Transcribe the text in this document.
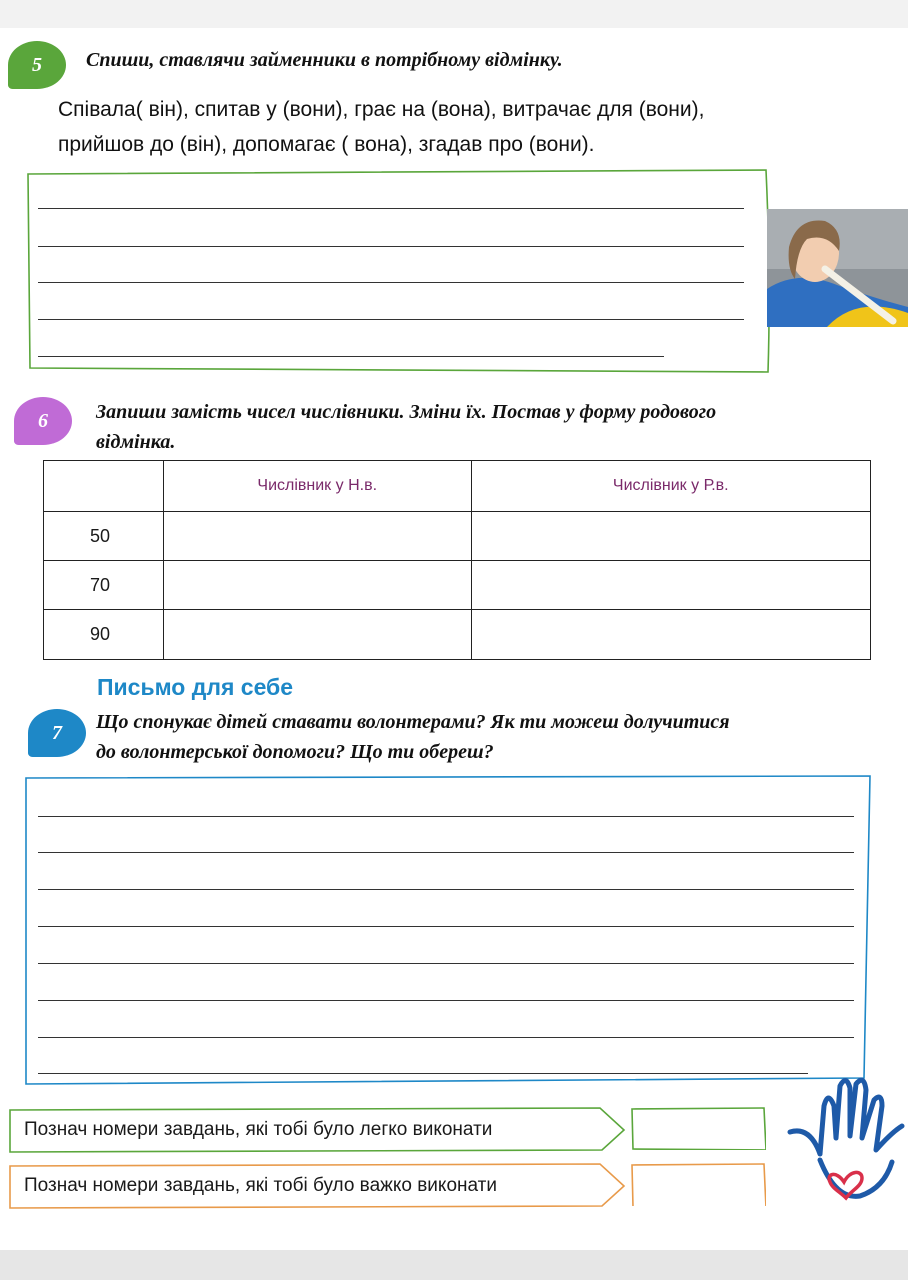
5	Спиши, ставлячи займенники в потрібному відмінку.
Співала( він), спитав у (вони), грає на (вона), витрачає для (вони),
прийшов до (він), допомагає ( вона), згадав про (вони).
6	Запиши замість чисел числівники. Зміни їх. Постав у форму родового
відмінка.
	Числівник у Н.в.	Числівник у Р.в.
50		
70		
90		
Письмо для себе
7	Що спонукає дітей ставати волонтерами? Як ти можеш долучитися
до волонтерської допомоги? Що ти обереш?
Познач номери завдань, які тобі було легко виконати
Познач номери завдань, які тобі було важко виконати
